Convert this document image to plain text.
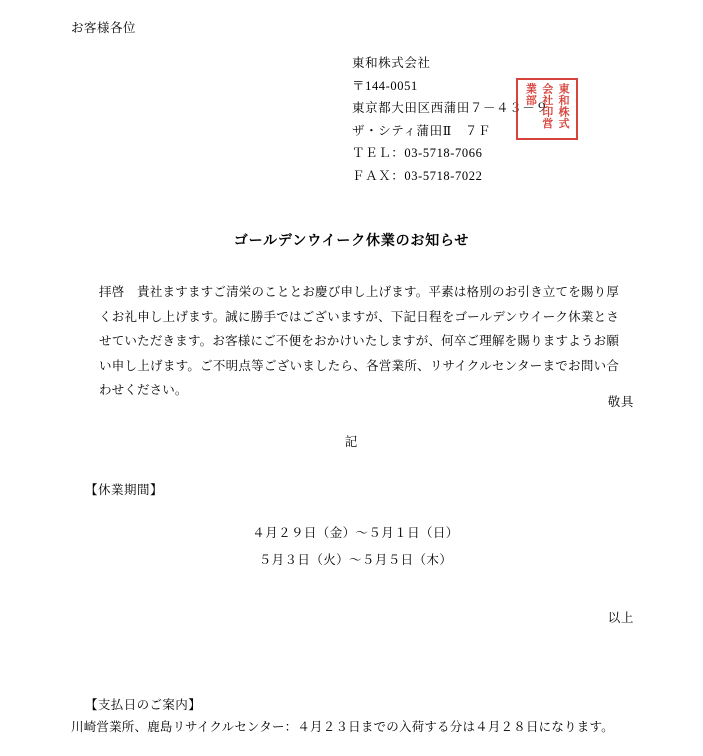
お客様各位
東和株式会社
〒144-0051
東京都大田区西蒲田７－４３－９
ザ・シティ蒲田Ⅱ　７Ｆ
ＴＥＬ：03-5718-7066
ＦＡＸ：03-5718-7022
東和株式
会社印営
業部
ゴールデンウイーク休業のお知らせ

拝啓　貴社ますますご清栄のこととお慶び申し上げます。平素は格別のお引き立てを賜り厚くお礼申し上げます。誠に勝手ではございますが、下記日程をゴールデンウイーク休業とさせていただきます。お客様にご不便をおかけいたしますが、何卒ご理解を賜りますようお願い申し上げます。ご不明点等ございましたら、各営業所、リサイクルセンターまでお問い合わせください。

敬具
記
【休業期間】
４月２９日（金）～５月１日（日）
５月３日（火）～５月５日（木）
以上
【支払日のご案内】
川崎営業所、鹿島リサイクルセンター：４月２３日までの入荷する分は４月２８日になります。
